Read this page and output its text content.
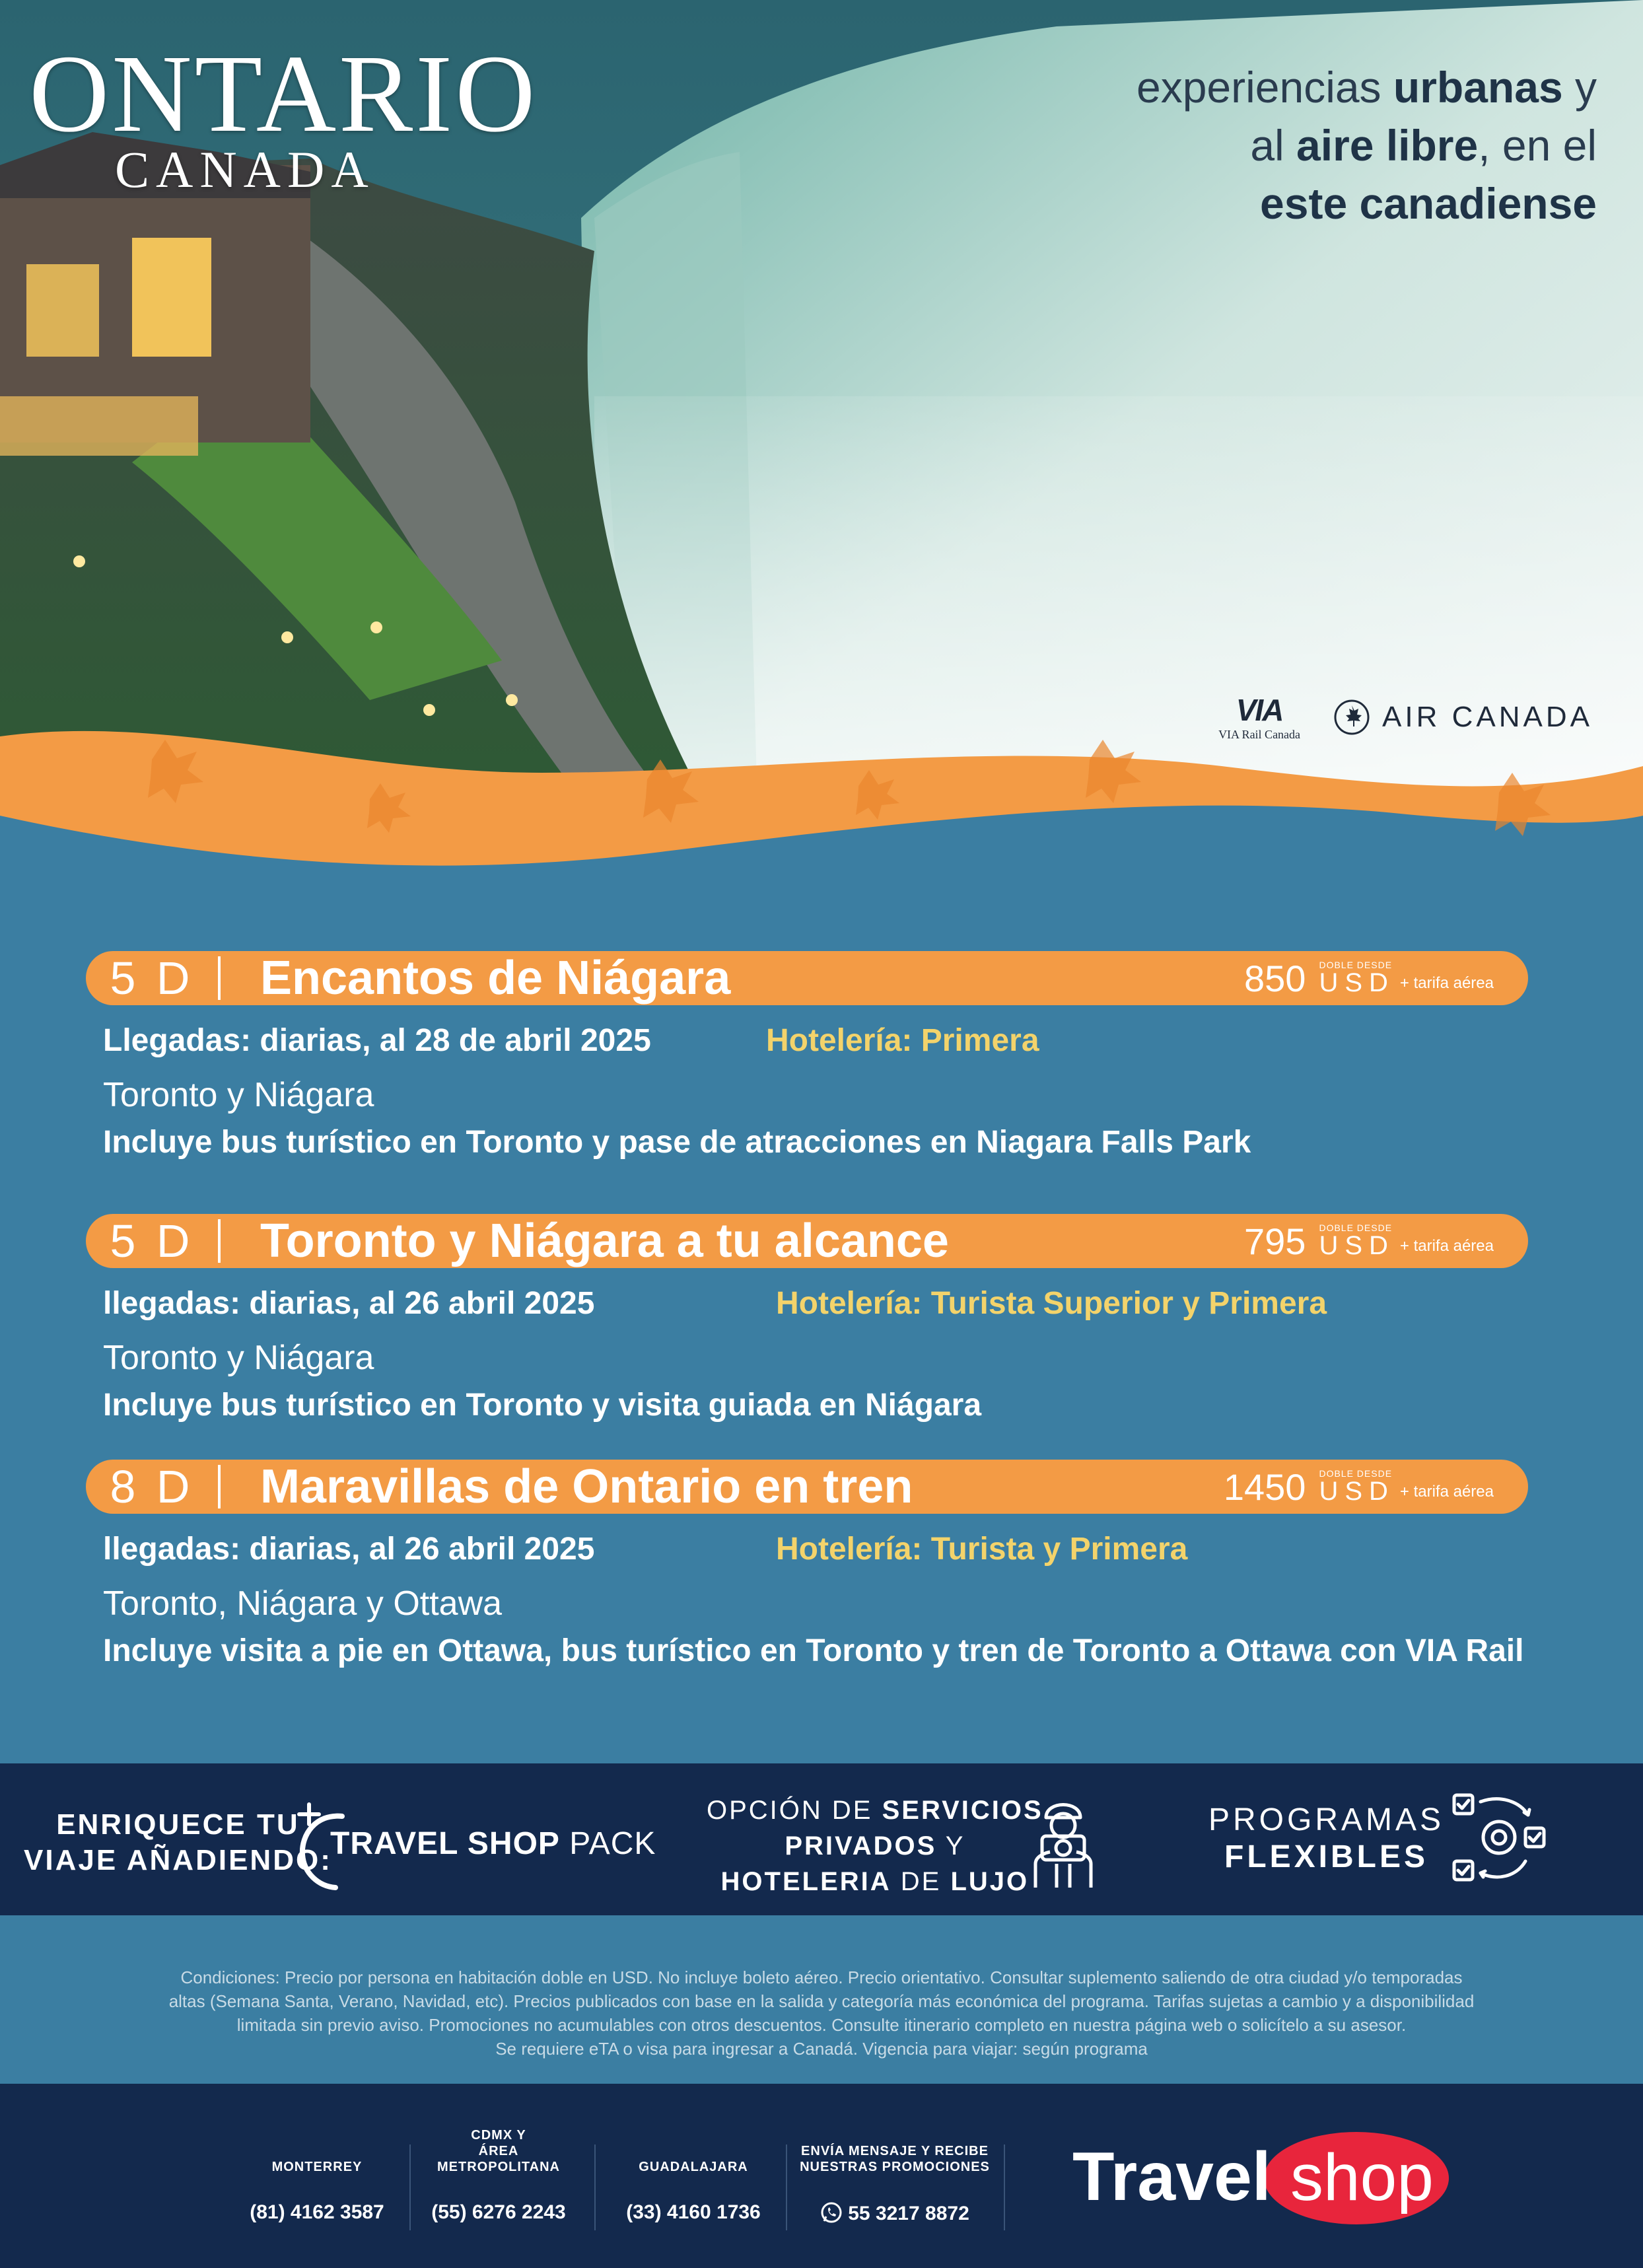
ONTARIO
CANADA
experiencias urbanas y
al aire libre, en el
este canadiense
VIA
VIA Rail Canada
AIR CANADA
5 D	Encantos de Niágara	850 DOBLE DESDE
USD + tarifa aérea
Llegadas: diarias, al 28 de abril 2025	Hotelería: Primera
Toronto y Niágara
Incluye bus turístico en Toronto y pase de atracciones en Niagara Falls Park
5 D	Toronto y Niágara a tu alcance	795 DOBLE DESDE
USD + tarifa aérea
llegadas: diarias, al 26 abril 2025	Hotelería: Turista Superior y Primera
Toronto y Niágara
Incluye bus turístico en Toronto y visita guiada en Niágara
8 D	Maravillas de Ontario en tren	1450 DOBLE DESDE
USD + tarifa aérea
llegadas: diarias, al 26 abril 2025	Hotelería: Turista y Primera
Toronto, Niágara y Ottawa
Incluye visita a pie en Ottawa, bus turístico en Toronto y tren de Toronto a Ottawa con VIA Rail
ENRIQUECE TU
VIAJE AÑADIENDO:
TRAVEL SHOP PACK
OPCIÓN DE SERVICIOS
PRIVADOS Y
HOTELERIA DE LUJO
PROGRAMAS
FLEXIBLES
Condiciones: Precio por persona en habitación doble en USD. No incluye boleto aéreo. Precio orientativo. Consultar suplemento saliendo de otra ciudad y/o temporadas
altas (Semana Santa, Verano, Navidad, etc). Precios publicados con base en la salida y categoría más económica del programa. Tarifas sujetas a cambio y a disponibilidad
limitada sin previo aviso. Promociones no acumulables con otros descuentos. Consulte itinerario completo en nuestra página web o solicítelo a su asesor.
Se requiere eTA o visa para ingresar a Canadá. Vigencia para viajar: según programa
MONTERREY
(81) 4162 3587
CDMX Y
ÁREA METROPOLITANA
(55) 6276 2243
GUADALAJARA
(33) 4160 1736
ENVÍA MENSAJE Y RECIBE
NUESTRAS PROMOCIONES
55 3217 8872	Travel shop
